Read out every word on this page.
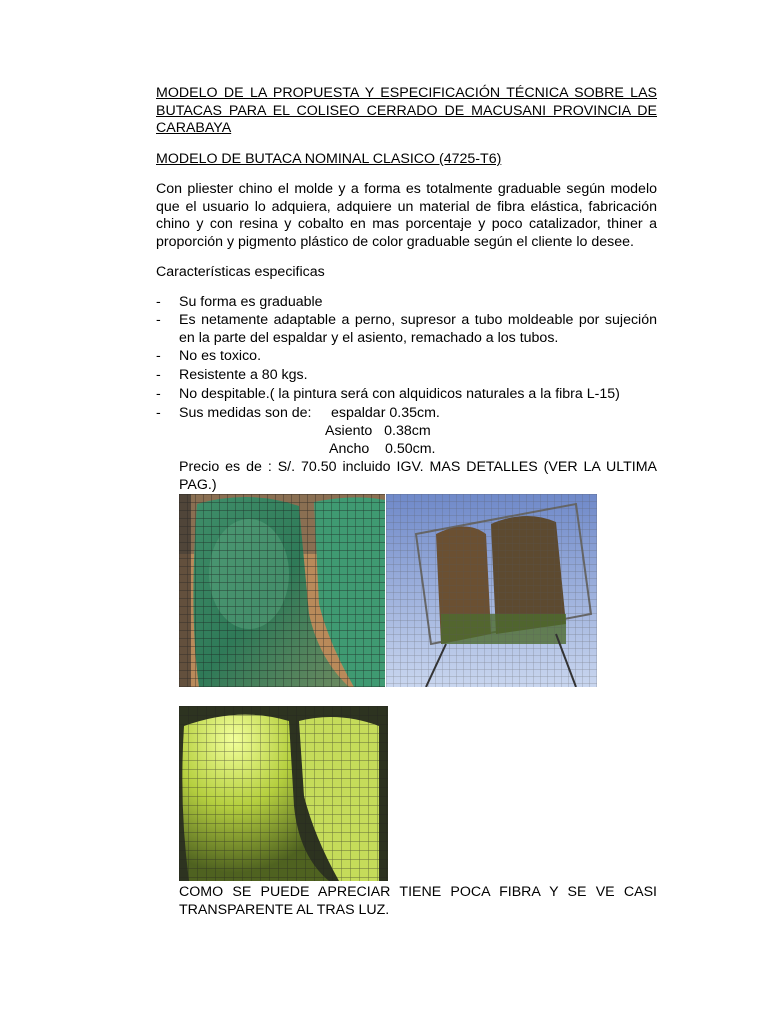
MODELO DE LA PROPUESTA Y ESPECIFICACIÓN TÉCNICA SOBRE LAS BUTACAS PARA EL COLISEO CERRADO DE MACUSANI PROVINCIA DE CARABAYA
MODELO DE BUTACA NOMINAL CLASICO (4725-T6)
Con pliester chino el molde y a forma es totalmente graduable según modelo que el usuario lo adquiera, adquiere un material de fibra elástica, fabricación chino y con resina y cobalto en mas porcentaje y poco catalizador, thiner a proporción y pigmento plástico de color graduable según el cliente lo desee.
Características especificas
- Su forma es graduable
- Es netamente adaptable a perno, supresor a tubo moldeable por sujeción en la parte del espaldar y el asiento, remachado a los tubos.
- No es toxico.
- Resistente a 80 kgs.
- No despitable.( la pintura será con alquidicos naturales a la fibra L-15)
- Sus medidas son de:	espaldar 0.35cm.
Asiento   0.38cm
Ancho    0.50cm.
Precio es de : S/. 70.50 incluido IGV. MAS DETALLES (VER LA ULTIMA PAG.)
COMO SE PUEDE APRECIAR TIENE POCA FIBRA Y SE VE CASI TRANSPARENTE AL TRAS LUZ.
